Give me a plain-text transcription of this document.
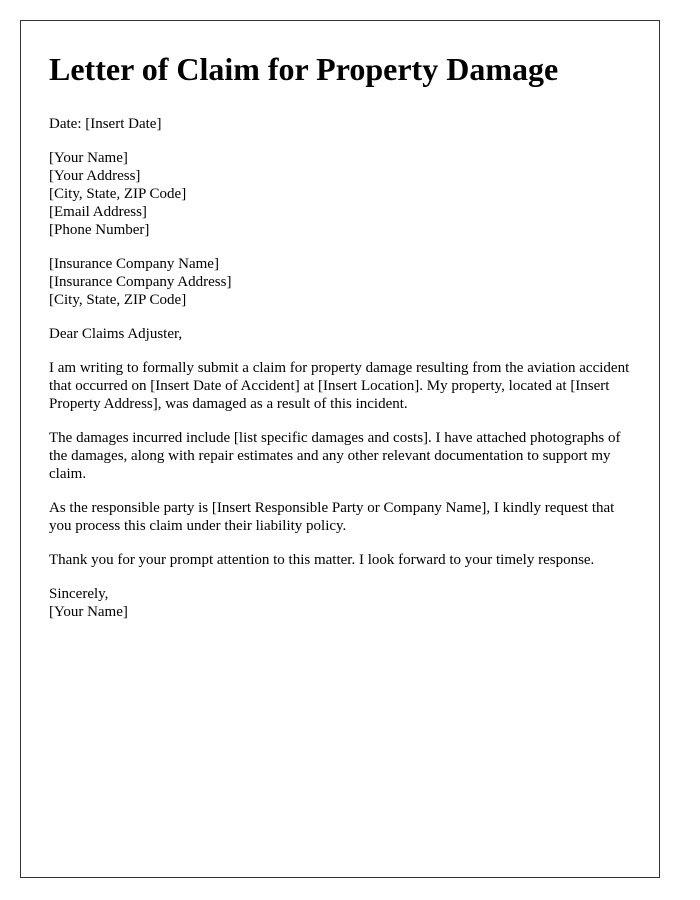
Letter of Claim for Property Damage

Date: [Insert Date]

[Your Name]
[Your Address]
[City, State, ZIP Code]
[Email Address]
[Phone Number]

[Insurance Company Name]
[Insurance Company Address]
[City, State, ZIP Code]

Dear Claims Adjuster,

I am writing to formally submit a claim for property damage resulting from the aviation accident that occurred on [Insert Date of Accident] at [Insert Location]. My property, located at [Insert Property Address], was damaged as a result of this incident.

The damages incurred include [list specific damages and costs]. I have attached photographs of the damages, along with repair estimates and any other relevant documentation to support my claim.

As the responsible party is [Insert Responsible Party or Company Name], I kindly request that you process this claim under their liability policy.

Thank you for your prompt attention to this matter. I look forward to your timely response.

Sincerely,
[Your Name]
